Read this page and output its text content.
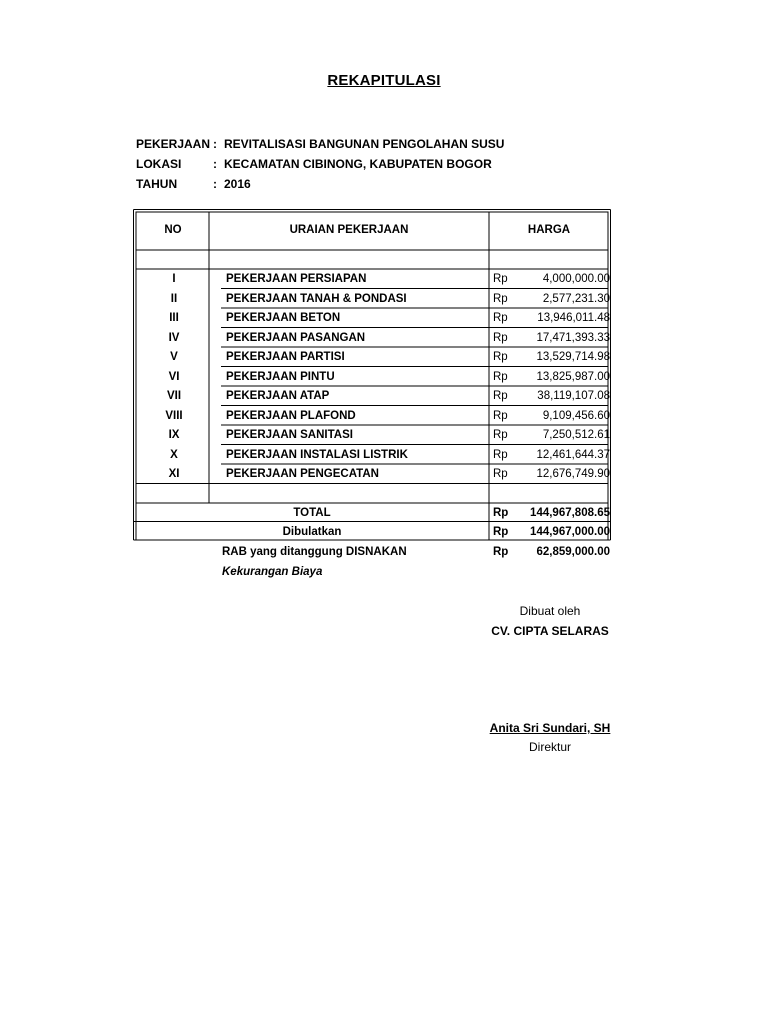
REKAPITULASI
PEKERJAAN : REVITALISASI BANGUNAN PENGOLAHAN SUSU
LOKASI	: KECAMATAN CIBINONG, KABUPATEN BOGOR
TAHUN	: 2016
NO	URAIAN PEKERJAAN	HARGA
I	PEKERJAAN PERSIAPAN	Rp	4,000,000.00
II	PEKERJAAN TANAH & PONDASI	Rp	2,577,231.30
III	PEKERJAAN BETON	Rp	13,946,011.48
IV	PEKERJAAN PASANGAN	Rp	17,471,393.33
V	PEKERJAAN PARTISI	Rp	13,529,714.98
VI	PEKERJAAN PINTU	Rp	13,825,987.00
VII	PEKERJAAN ATAP	Rp	38,119,107.08
VIII	PEKERJAAN PLAFOND	Rp	9,109,456.60
IX	PEKERJAAN SANITASI	Rp	7,250,512.61
X	PEKERJAAN INSTALASI LISTRIK	Rp	12,461,644.37
XI	PEKERJAAN PENGECATAN	Rp	12,676,749.90
TOTAL	Rp 144,967,808.65
Dibulatkan	Rp 144,967,000.00
RAB yang ditanggung DISNAKAN	Rp 62,859,000.00
Kekurangan Biaya
Dibuat oleh
CV. CIPTA SELARAS
Anita Sri Sundari, SH
Direktur
